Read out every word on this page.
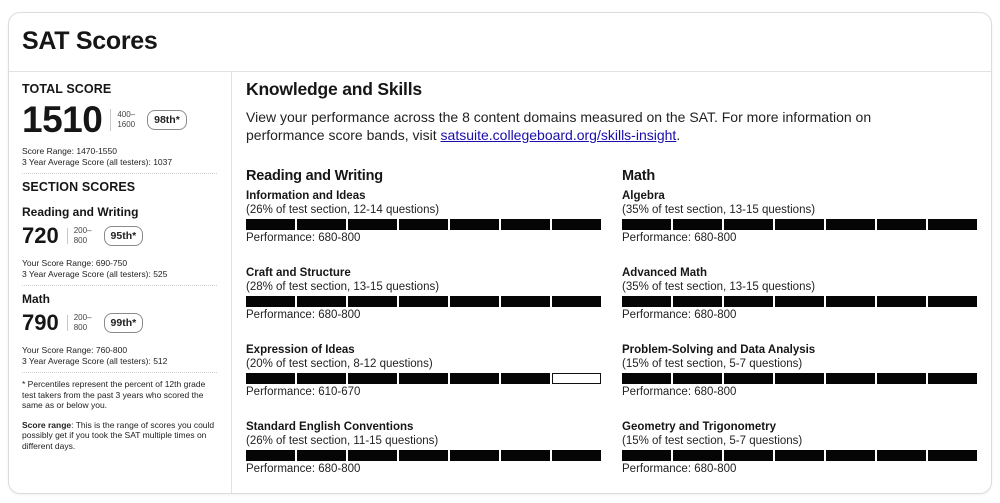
SAT Scores
TOTAL SCORE
1510 400–
1600	98th*
Score Range: 1470-1550
3 Year Average Score (all testers): 1037
SECTION SCORES
Reading and Writing
720 200–
800	95th*
Your Score Range: 690-750
3 Year Average Score (all testers): 525
Math
790 200–
800	99th*
Your Score Range: 760-800
3 Year Average Score (all testers): 512
* Percentiles represent the percent of 12th grade test takers from the past 3 years who scored the same as or below you.
Score range: This is the range of scores you could possibly get if you took the SAT multiple times on different days.
Knowledge and Skills
View your performance across the 8 content domains measured on the SAT. For more information on performance score bands, visit satsuite.collegeboard.org/skills-insight.
Reading and Writing
Information and Ideas
(26% of test section, 12-14 questions)
Performance: 680-800
Craft and Structure
(28% of test section, 13-15 questions)
Performance: 680-800
Expression of Ideas
(20% of test section, 8-12 questions)
Performance: 610-670
Standard English Conventions
(26% of test section, 11-15 questions)
Performance: 680-800
Math
Algebra
(35% of test section, 13-15 questions)
Performance: 680-800
Advanced Math
(35% of test section, 13-15 questions)
Performance: 680-800
Problem-Solving and Data Analysis
(15% of test section, 5-7 questions)
Performance: 680-800
Geometry and Trigonometry
(15% of test section, 5-7 questions)
Performance: 680-800
